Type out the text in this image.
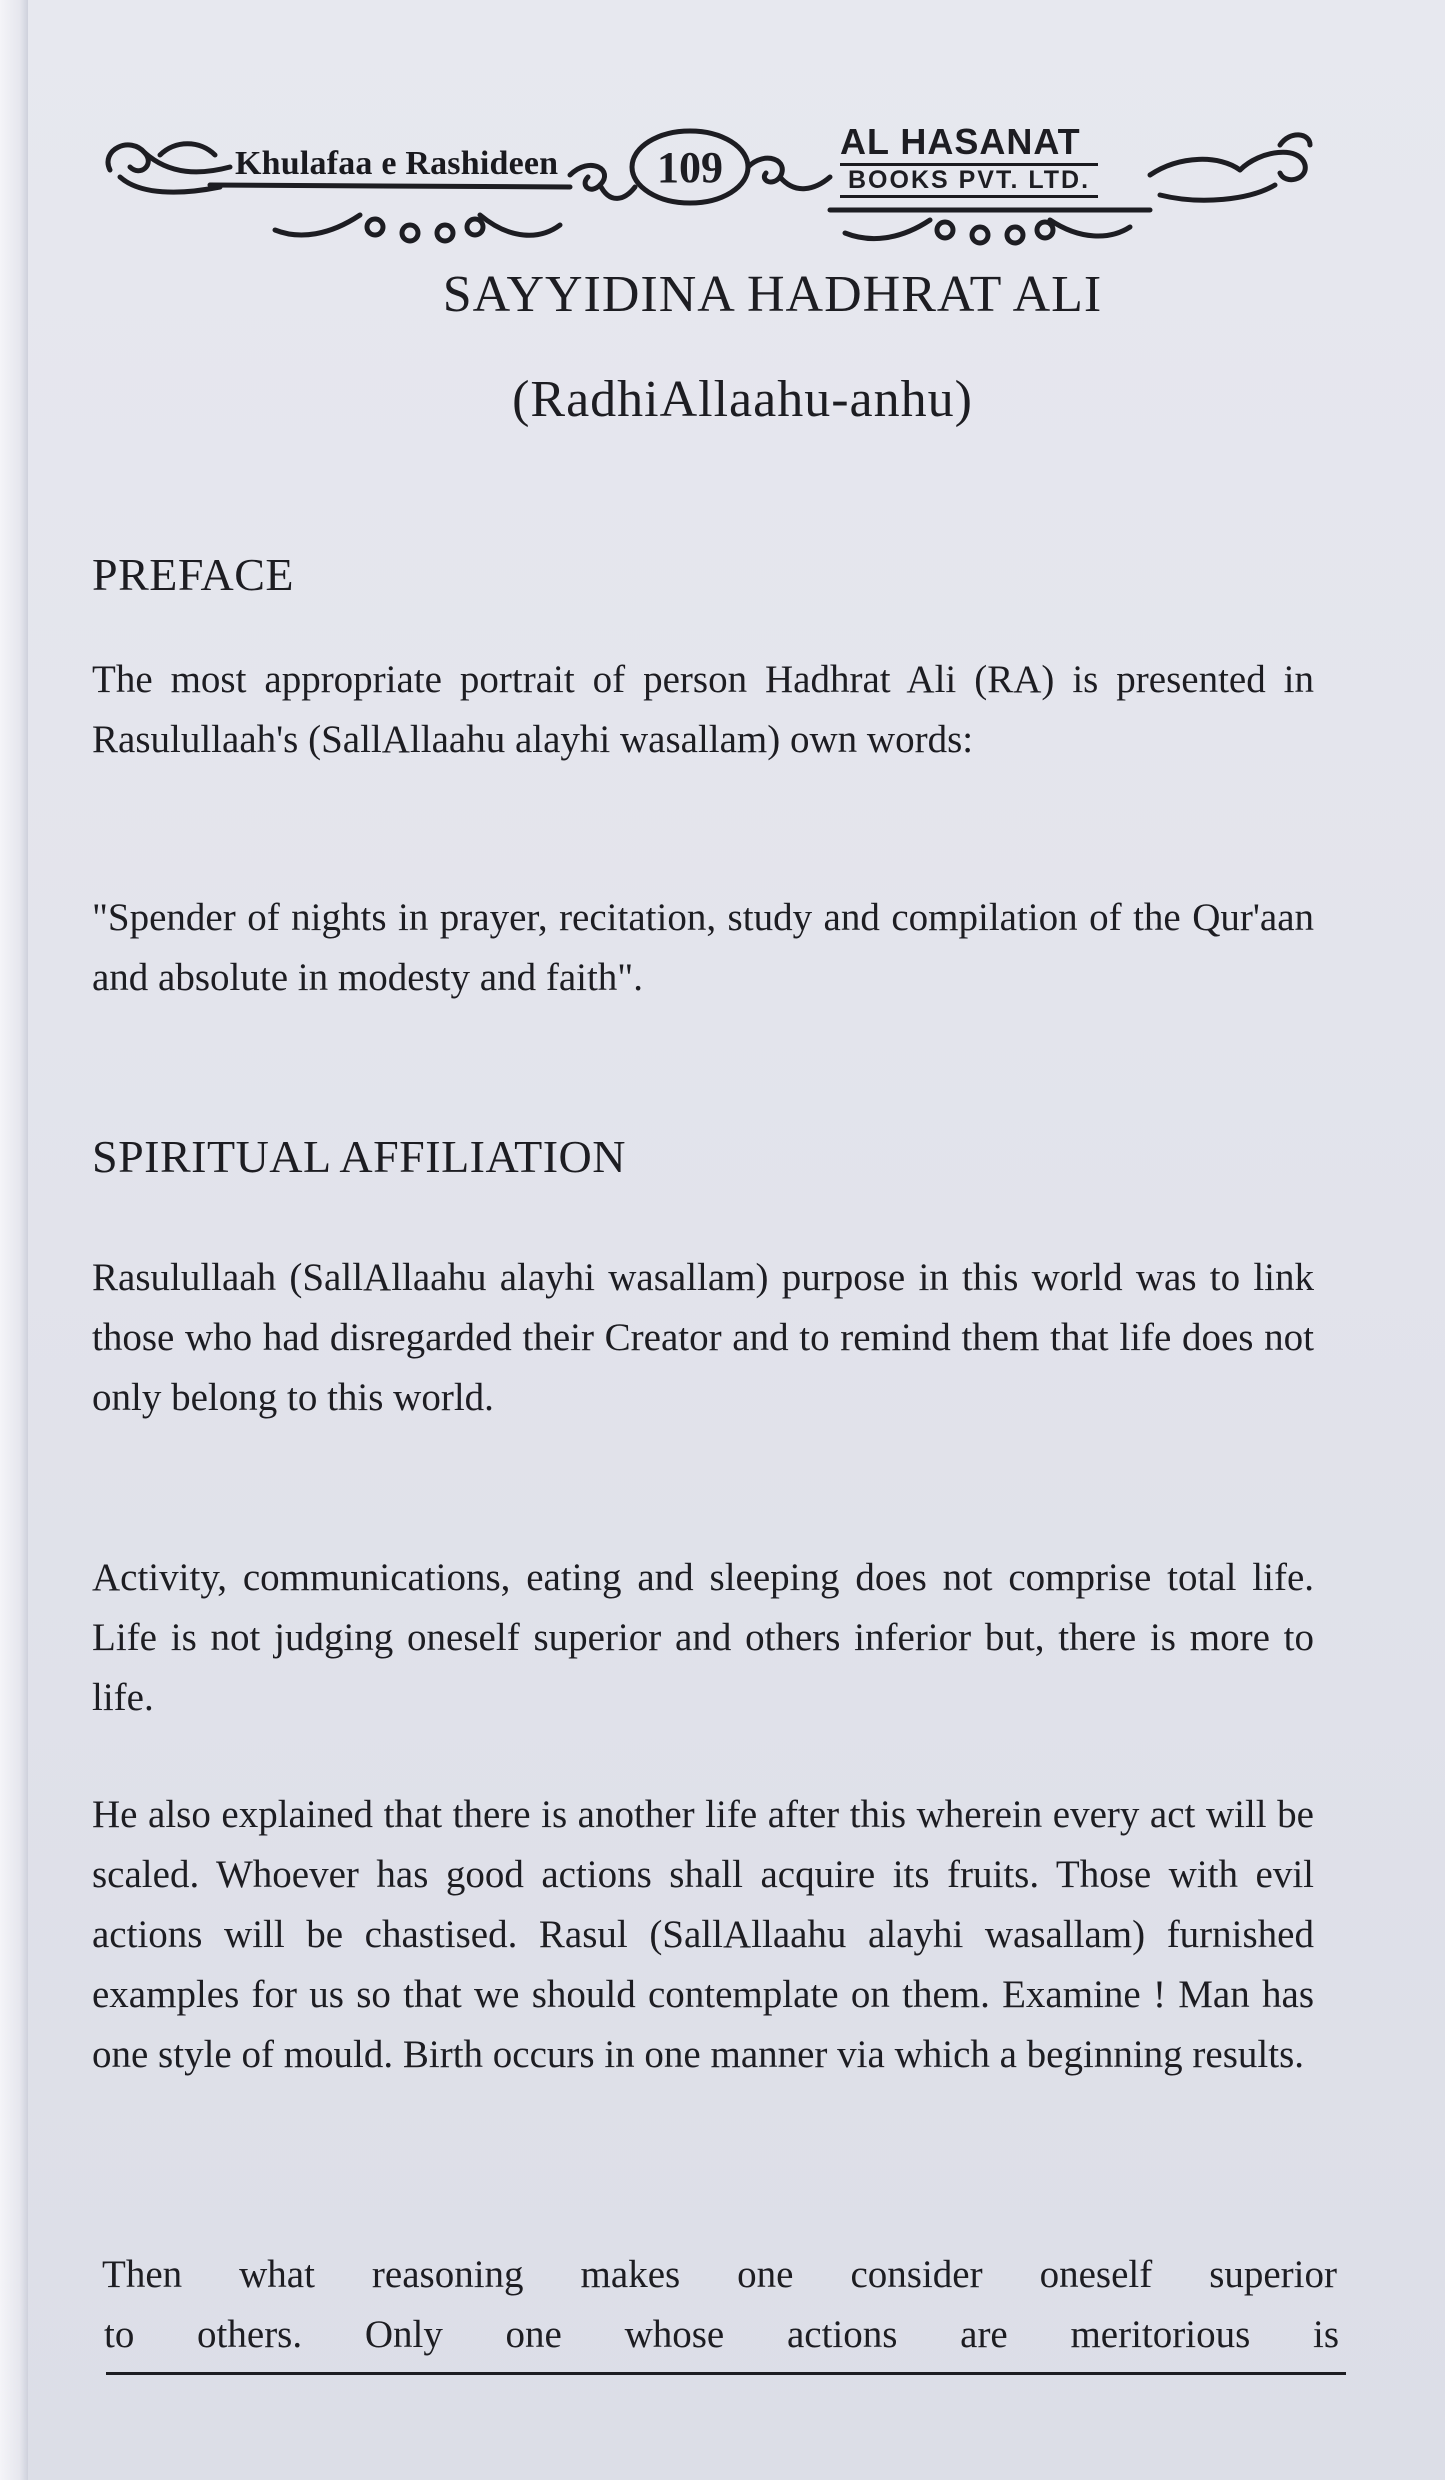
Khulafaa e Rashideen	109
AL HASANAT
BOOKS PVT. LTD.
SAYYIDINA HADHRAT ALI
(RadhiAllaahu-anhu)
PREFACE
The most appropriate portrait of person Hadhrat Ali (RA) is presented in Rasulullaah's (SallAllaahu alayhi wasallam) own words:
"Spender of nights in prayer, recitation, study and compilation of the Qur'aan and absolute in modesty and faith".
SPIRITUAL AFFILIATION
Rasulullaah (SallAllaahu alayhi wasallam) purpose in this world was to link those who had disregarded their Creator and to remind them that life does not only belong to this world.
Activity, communications, eating and sleeping does not comprise total life. Life is not judging oneself superior and others inferior but, there is more to life.
He also explained that there is another life after this wherein every act will be scaled. Whoever has good actions shall acquire its fruits. Those with evil actions will be chastised. Rasul (SallAllaahu alayhi wasallam) furnished examples for us so that we should contemplate on them. Examine ! Man has one style of mould. Birth occurs in one manner via which a beginning results.
Then what reasoning makes one consider oneself superior
to others. Only one whose actions are meritorious is
